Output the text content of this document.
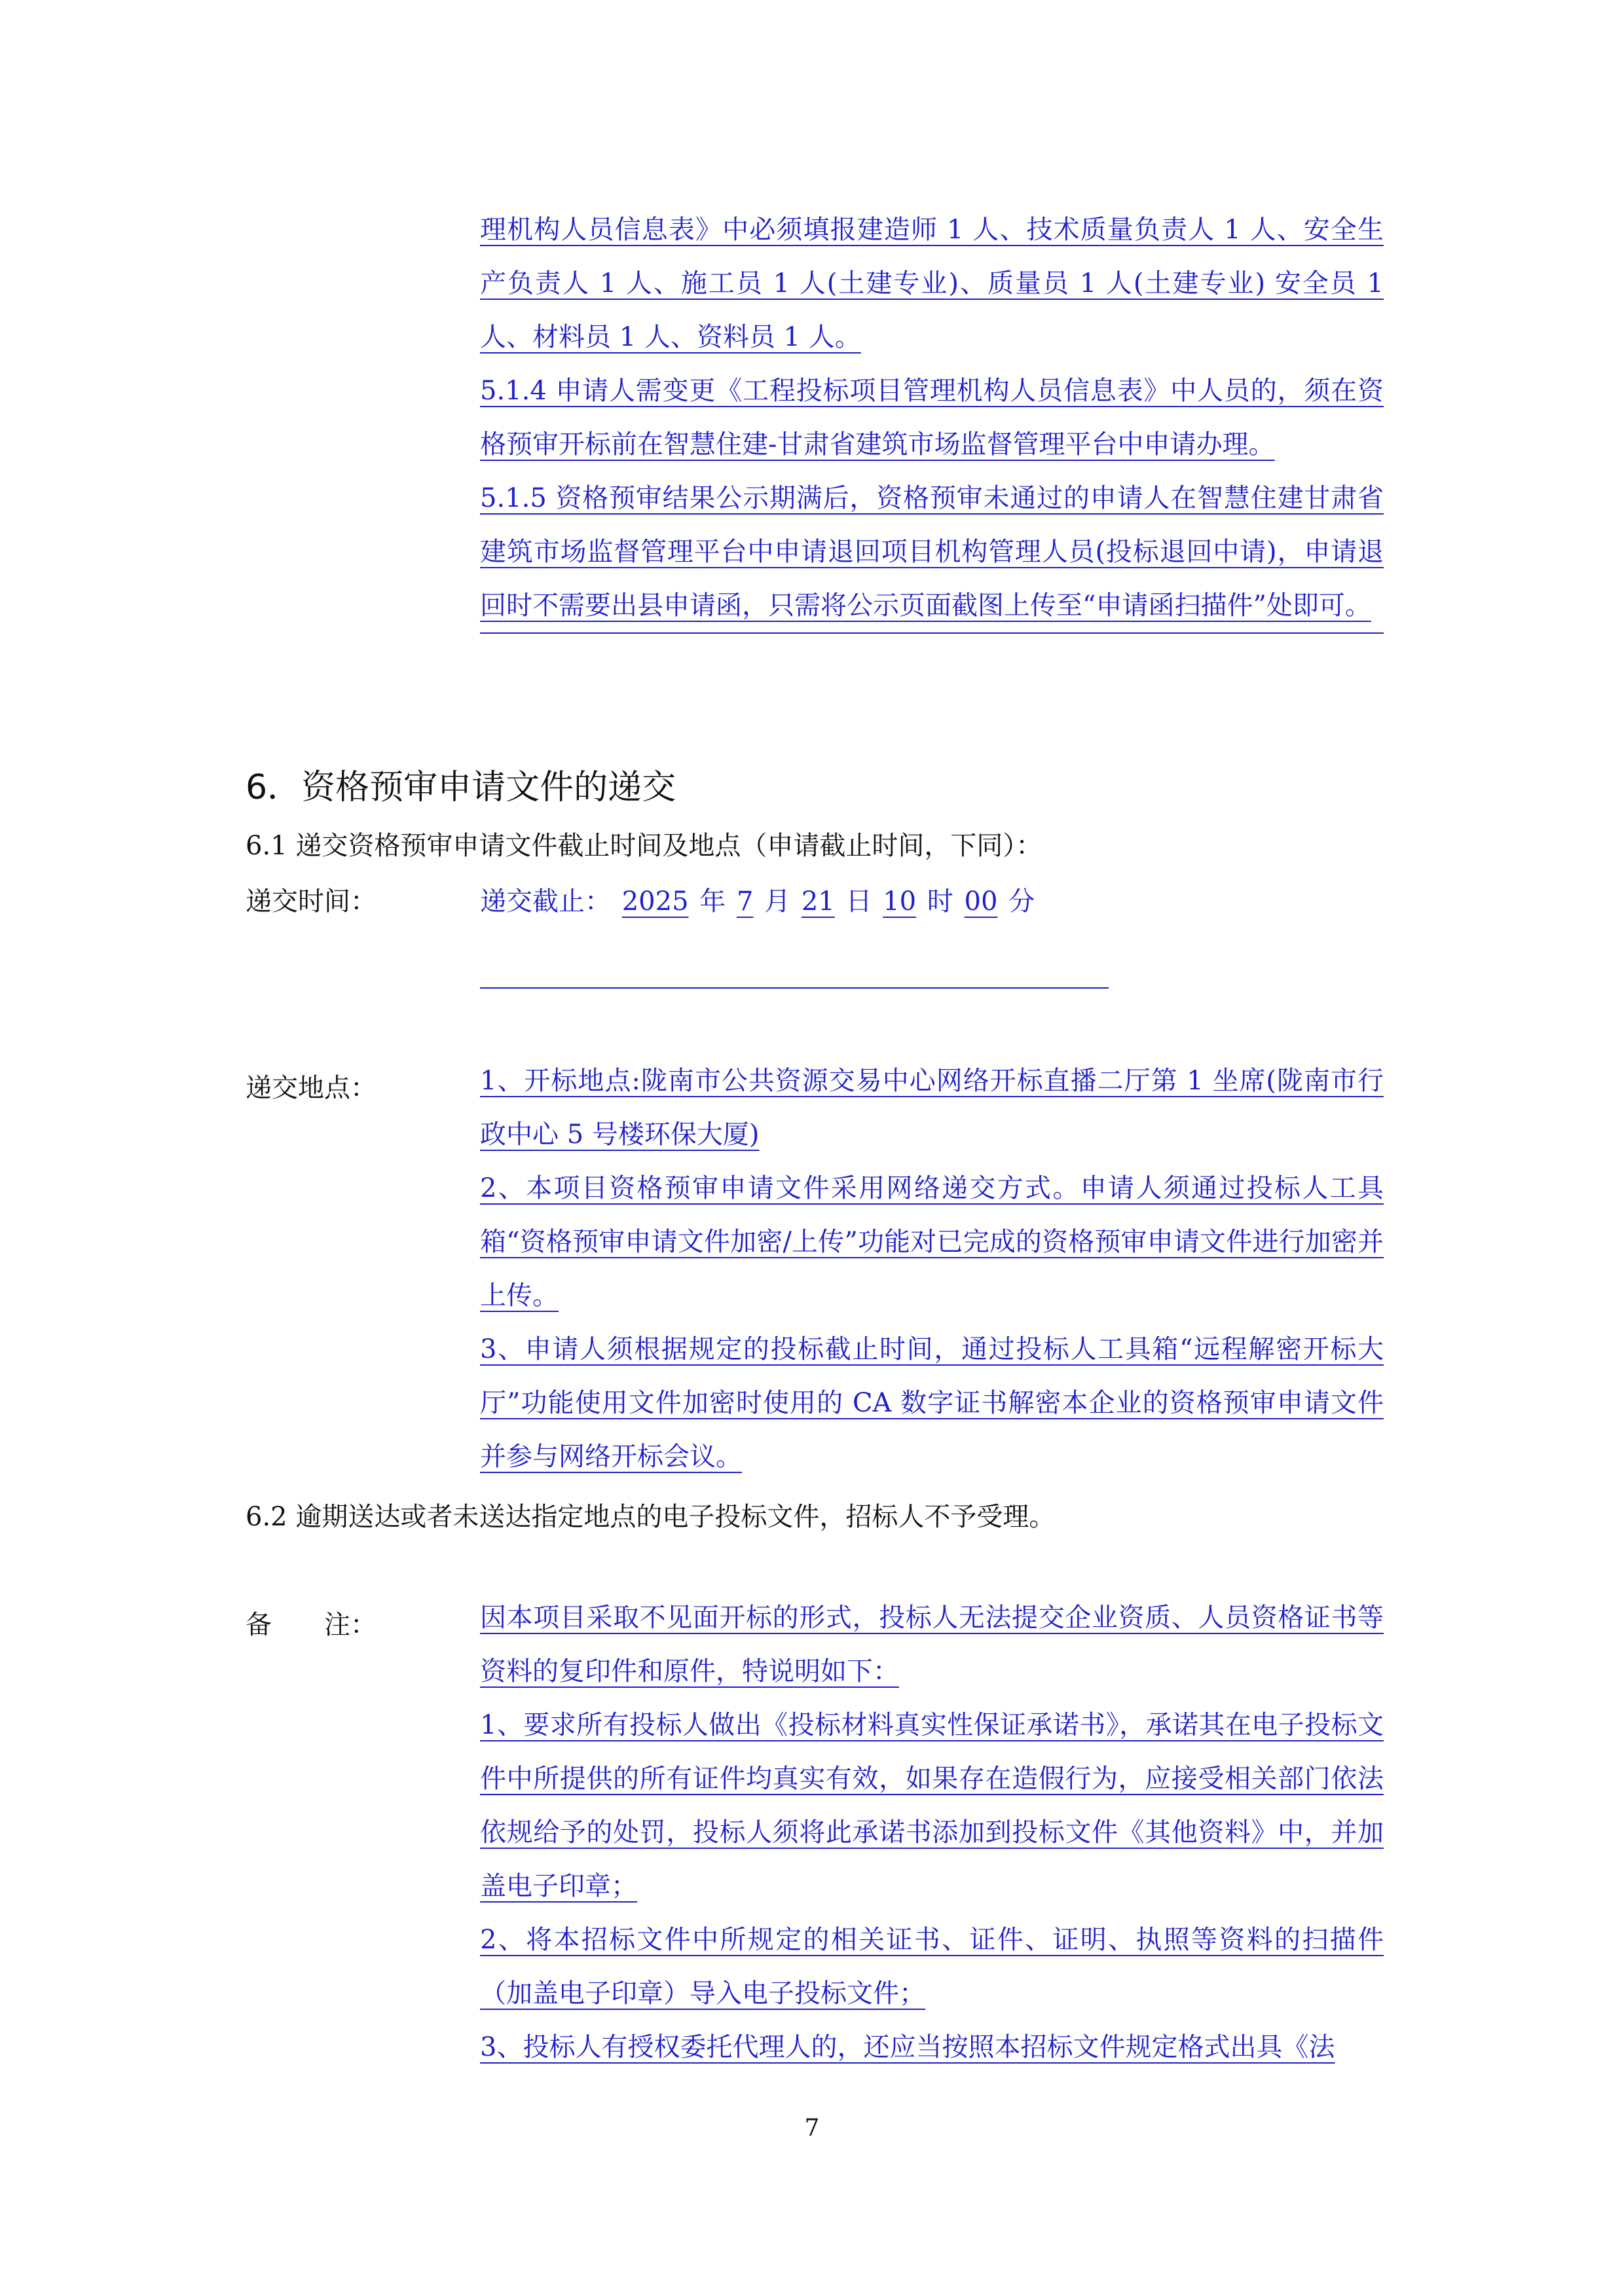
理机构人员信息表》中必须填报建造师 1 人、技术质量负责人 1 人、安全生产负责人 1 人、施工员 1 人(土建专业)、质量员 1 人(土建专业) 安全员 1 人、材料员 1 人、资料员 1 人。

5.1.4 申请人需变更《工程投标项目管理机构人员信息表》中人员的，须在资格预审开标前在智慧住建-甘肃省建筑市场监督管理平台中申请办理。

5.1.5 资格预审结果公示期满后，资格预审未通过的申请人在智慧住建甘肃省建筑市场监督管理平台中申请退回项目机构管理人员(投标退回中请)，申请退回时不需要出县申请函，只需将公示页面截图上传至“申请函扫描件”处即可。

6．资格预审申请文件的递交

6.1 递交资格预审申请文件截止时间及地点（申请截止时间，下同）：

递交时间：	递交截止： 2025 年 7 月 21 日 10 时 00 分

递交地点：	1、开标地点:陇南市公共资源交易中心网络开标直播二厅第 1 坐席(陇南市行政中心 5 号楼环保大厦)

2、本项目资格预审申请文件采用网络递交方式。申请人须通过投标人工具箱“资格预审申请文件加密/上传”功能对已完成的资格预审申请文件进行加密并上传。

3、申请人须根据规定的投标截止时间，通过投标人工具箱“远程解密开标大厅”功能使用文件加密时使用的 CA 数字证书解密本企业的资格预审申请文件并参与网络开标会议。

6.2 逾期送达或者未送达指定地点的电子投标文件，招标人不予受理。

备　　注：	因本项目采取不见面开标的形式，投标人无法提交企业资质、人员资格证书等资料的复印件和原件，特说明如下：

1、要求所有投标人做出《投标材料真实性保证承诺书》，承诺其在电子投标文件中所提供的所有证件均真实有效，如果存在造假行为，应接受相关部门依法依规给予的处罚，投标人须将此承诺书添加到投标文件《其他资料》中，并加盖电子印章；

2、将本招标文件中所规定的相关证书、证件、证明、执照等资料的扫描件（加盖电子印章）导入电子投标文件；

3、投标人有授权委托代理人的，还应当按照本招标文件规定格式出具《法

7
